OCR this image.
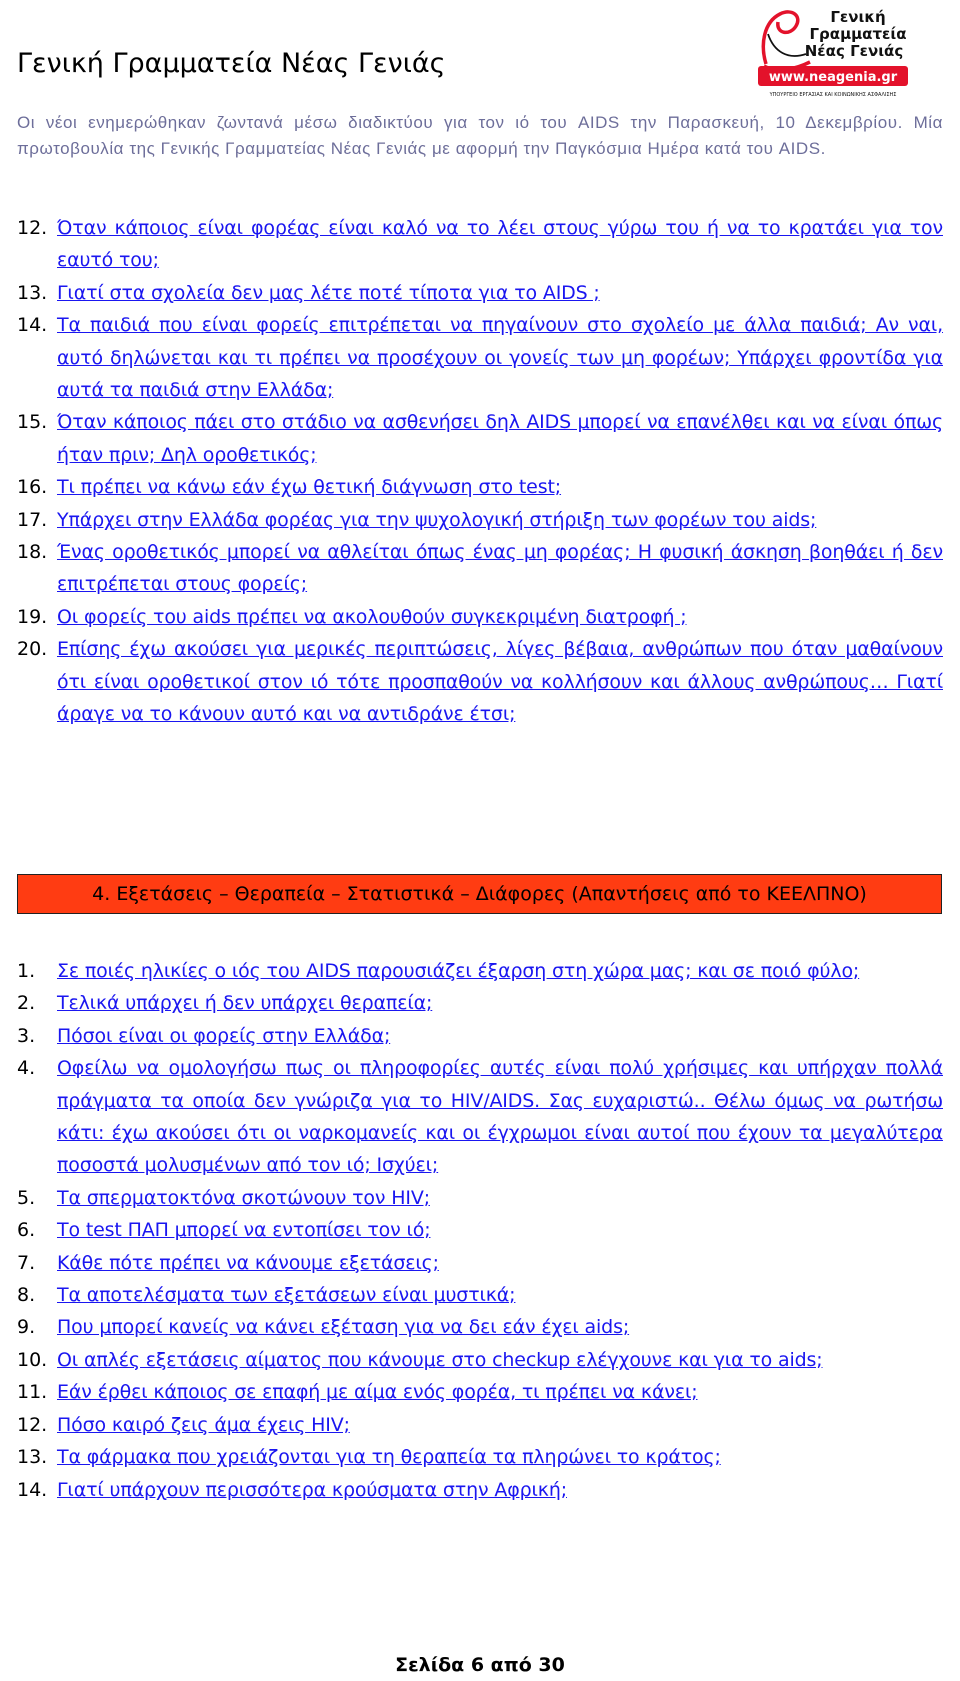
Γενική Γραμματεία Νέας Γενιάς
Γενική
Γραμματεία
Νέας Γενιάς
www.neagenia.gr
ΥΠΟΥΡΓΕΙΟ ΕΡΓΑΣΙΑΣ ΚΑΙ ΚΟΙΝΩΝΙΚΗΣ ΑΣΦΑΛΙΣΗΣ
Οι νέοι ενημερώθηκαν ζωντανά μέσω διαδικτύου για τον ιό του AIDS την Παρασκευή, 10 Δεκεμβρίου. Μία πρωτοβουλία της Γενικής Γραμματείας Νέας Γενιάς με αφορμή την Παγκόσμια Ημέρα κατά του AIDS.
12. Όταν κάποιος είναι φορέας είναι καλό να το λέει στους γύρω του ή να το κρατάει για τον εαυτό του;
13. Γιατί στα σχολεία δεν μας λέτε ποτέ τίποτα για το AIDS ;
14. Τα παιδιά που είναι φορείς επιτρέπεται να πηγαίνουν στο σχολείο με άλλα παιδιά; Αν ναι, αυτό δηλώνεται και τι πρέπει να προσέχουν οι γονείς των μη φορέων; Υπάρχει φροντίδα για αυτά τα παιδιά στην Ελλάδα;
15. Όταν κάποιος πάει στο στάδιο να ασθενήσει δηλ AIDS μπορεί να επανέλθει και να είναι όπως ήταν πριν; Δηλ οροθετικός;
16. Τι πρέπει να κάνω εάν έχω θετική διάγνωση στο test;
17. Υπάρχει στην Ελλάδα φορέας για την ψυχολογική στήριξη των φορέων του aids;
18. Ένας οροθετικός μπορεί να αθλείται όπως ένας μη φορέας; Η φυσική άσκηση βοηθάει ή δεν επιτρέπεται στους φορείς;
19. Οι φορείς του aids πρέπει να ακολουθούν συγκεκριμένη διατροφή ;
20. Επίσης έχω ακούσει για μερικές περιπτώσεις, λίγες βέβαια, ανθρώπων που όταν μαθαίνουν ότι είναι οροθετικοί στον ιό τότε προσπαθούν να κολλήσουν και άλλους ανθρώπους… Γιατί άραγε να το κάνουν αυτό και να αντιδράνε έτσι;
4. Εξετάσεις – Θεραπεία – Στατιστικά – Διάφορες (Απαντήσεις από το ΚΕΕΛΠΝΟ)
1.	Σε ποιές ηλικίες ο ιός του AIDS παρουσιάζει έξαρση στη χώρα μας; και σε ποιό φύλο;
2.	Τελικά υπάρχει ή δεν υπάρχει θεραπεία;
3.	Πόσοι είναι οι φορείς στην Ελλάδα;
4.	Οφείλω να ομολογήσω πως οι πληροφορίες αυτές είναι πολύ χρήσιμες και υπήρχαν πολλά πράγματα τα οποία δεν γνώριζα για το HIV/AIDS. Σας ευχαριστώ.. Θέλω όμως να ρωτήσω κάτι: έχω ακούσει ότι οι ναρκομανείς και οι έγχρωμοι είναι αυτοί που έχουν τα μεγαλύτερα ποσοστά μολυσμένων από τον ιό; Ισχύει;
5.	Τα σπερματοκτόνα σκοτώνουν τον HIV;
6.	Το test ΠΑΠ μπορεί να εντοπίσει τον ιό;
7.	Κάθε πότε πρέπει να κάνουμε εξετάσεις;
8.	Τα αποτελέσματα των εξετάσεων είναι μυστικά;
9.	Που μπορεί κανείς να κάνει εξέταση για να δει εάν έχει aids;
10. Οι απλές εξετάσεις αίματος που κάνουμε στο checkup ελέγχουνε και για το aids;
11. Εάν έρθει κάποιος σε επαφή με αίμα ενός φορέα, τι πρέπει να κάνει;
12. Πόσο καιρό ζεις άμα έχεις HIV;
13. Τα φάρμακα που χρειάζονται για τη θεραπεία τα πληρώνει το κράτος;
14. Γιατί υπάρχουν περισσότερα κρούσματα στην Αφρική;
Σελίδα 6 από 30
